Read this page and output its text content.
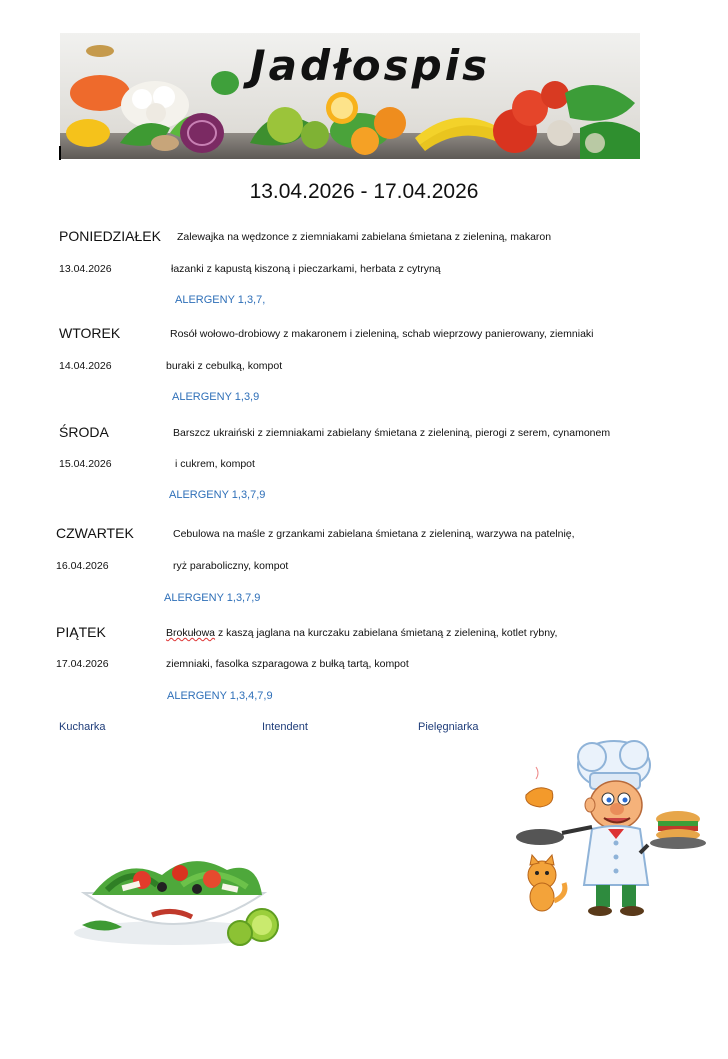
Jadłospis
13.04.2026 - 17.04.2026
PONIEDZIAŁEK Zalewajka na wędzonce z ziemniakami zabielana śmietana z zieleniną, makaron
13.04.2026	łazanki z kapustą kiszoną i pieczarkami, herbata z cytryną
ALERGENY 1,3,7,
WTOREK	Rosół wołowo-drobiowy z makaronem i zieleniną, schab wieprzowy panierowany, ziemniaki
14.04.2026	buraki z cebulką, kompot
ALERGENY 1,3,9
ŚRODA	Barszcz ukraiński z ziemniakami zabielany śmietana z zieleniną, pierogi z serem, cynamonem
15.04.2026	i cukrem, kompot
ALERGENY 1,3,7,9
CZWARTEK	Cebulowa na maśle z grzankami zabielana śmietana z zieleniną, warzywa na patelnię,
16.04.2026	ryż paraboliczny, kompot
ALERGENY 1,3,7,9
PIĄTEK	Brokułowa z kaszą jaglana na kurczaku zabielana śmietaną z zieleniną, kotlet rybny,
17.04.2026	ziemniaki, fasolka szparagowa z bułką tartą, kompot
ALERGENY 1,3,4,7,9
Kucharka	Intendent	Pielęgniarka
